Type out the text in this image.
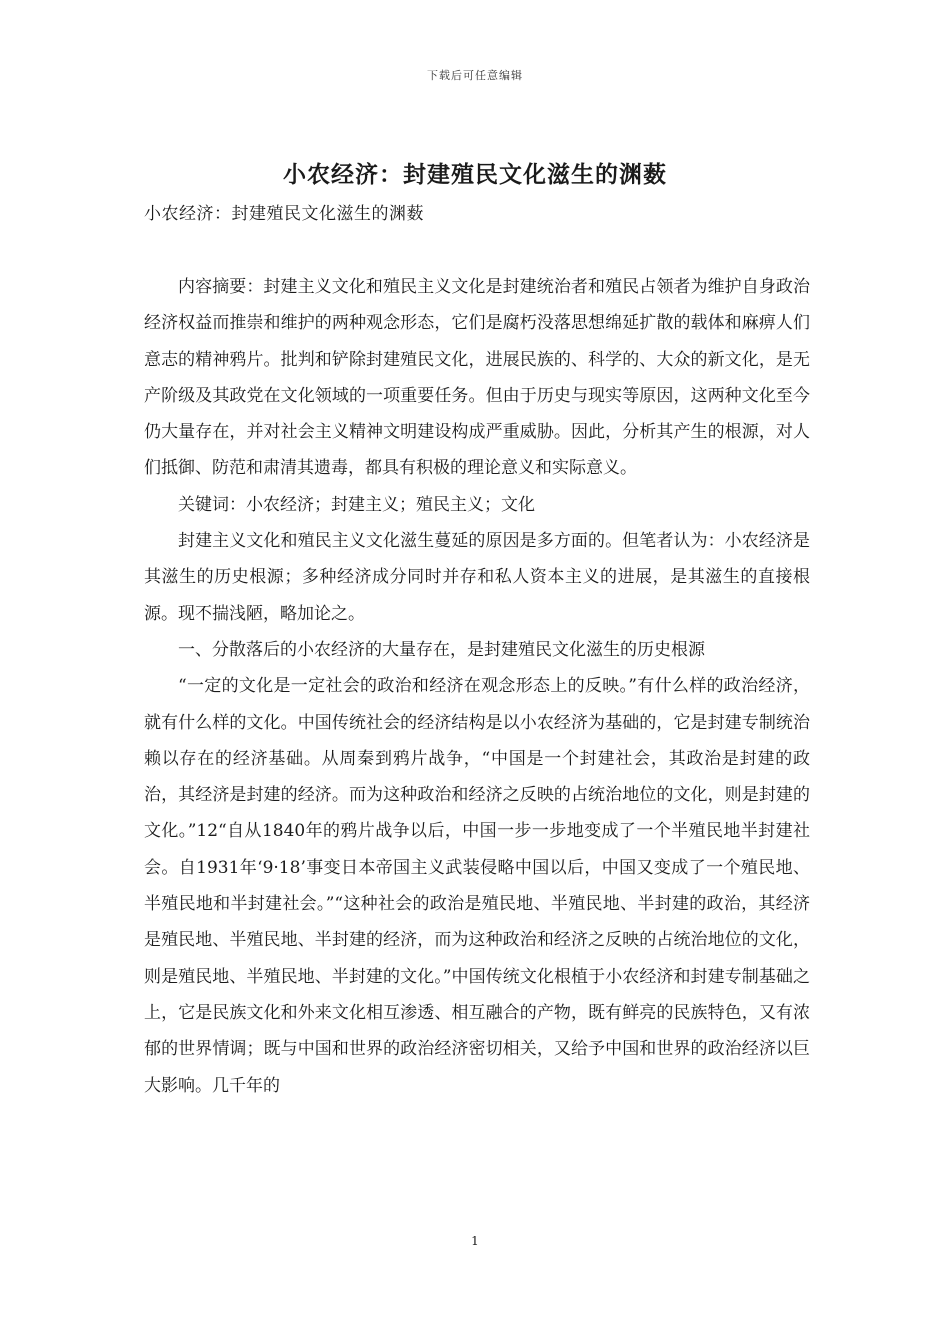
下载后可任意编辑
小农经济：封建殖民文化滋生的渊薮
小农经济：封建殖民文化滋生的渊薮

内容摘要：封建主义文化和殖民主义文化是封建统治者和殖民占领者为维护自身政治经济权益而推崇和维护的两种观念形态，它们是腐朽没落思想绵延扩散的载体和麻痹人们意志的精神鸦片。批判和铲除封建殖民文化，进展民族的、科学的、大众的新文化，是无产阶级及其政党在文化领域的一项重要任务。但由于历史与现实等原因，这两种文化至今仍大量存在，并对社会主义精神文明建设构成严重威胁。因此，分析其产生的根源，对人们抵御、防范和肃清其遗毒，都具有积极的理论意义和实际意义。

关键词：小农经济；封建主义；殖民主义；文化

封建主义文化和殖民主义文化滋生蔓延的原因是多方面的。但笔者认为：小农经济是其滋生的历史根源；多种经济成分同时并存和私人资本主义的进展，是其滋生的直接根源。现不揣浅陋，略加论之。

一、分散落后的小农经济的大量存在，是封建殖民文化滋生的历史根源

“一定的文化是一定社会的政治和经济在观念形态上的反映。”有什么样的政治经济，就有什么样的文化。中国传统社会的经济结构是以小农经济为基础的，它是封建专制统治赖以存在的经济基础。从周秦到鸦片战争，“中国是一个封建社会，其政治是封建的政治，其经济是封建的经济。而为这种政治和经济之反映的占统治地位的文化，则是封建的文化。”12“自从1840年的鸦片战争以后，中国一步一步地变成了一个半殖民地半封建社会。自1931年‘9·18’事变日本帝国主义武装侵略中国以后，中国又变成了一个殖民地、半殖民地和半封建社会。”“这种社会的政治是殖民地、半殖民地、半封建的政治，其经济是殖民地、半殖民地、半封建的经济，而为这种政治和经济之反映的占统治地位的文化，则是殖民地、半殖民地、半封建的文化。”中国传统文化根植于小农经济和封建专制基础之上，它是民族文化和外来文化相互渗透、相互融合的产物，既有鲜亮的民族特色，又有浓郁的世界情调；既与中国和世界的政治经济密切相关，又给予中国和世界的政治经济以巨大影响。几千年的

1
